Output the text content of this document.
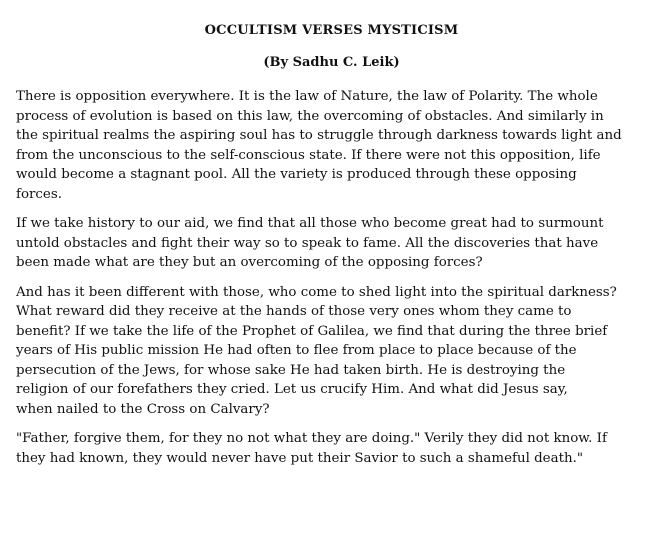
OCCULTISM VERSES MYSTICISM
(By Sadhu C. Leik)

There is opposition everywhere. It is the law of Nature, the law of Polarity. The whole
process of evolution is based on this law, the overcoming of obstacles. And similarly in
the spiritual realms the aspiring soul has to struggle through darkness towards light and
from the unconscious to the self-conscious state. If there were not this opposition, life
would become a stagnant pool. All the variety is produced through these opposing
forces.

If we take history to our aid, we find that all those who become great had to surmount
untold obstacles and fight their way so to speak to fame. All the discoveries that have
been made what are they but an overcoming of the opposing forces?

And has it been different with those, who come to shed light into the spiritual darkness?
What reward did they receive at the hands of those very ones whom they came to
benefit? If we take the life of the Prophet of Galilea, we find that during the three brief
years of His public mission He had often to flee from place to place because of the
persecution of the Jews, for whose sake He had taken birth. He is destroying the
religion of our forefathers they cried. Let us crucify Him. And what did Jesus say,
when nailed to the Cross on Calvary?

"Father, forgive them, for they no not what they are doing." Verily they did not know. If
they had known, they would never have put their Savior to such a shameful death."
